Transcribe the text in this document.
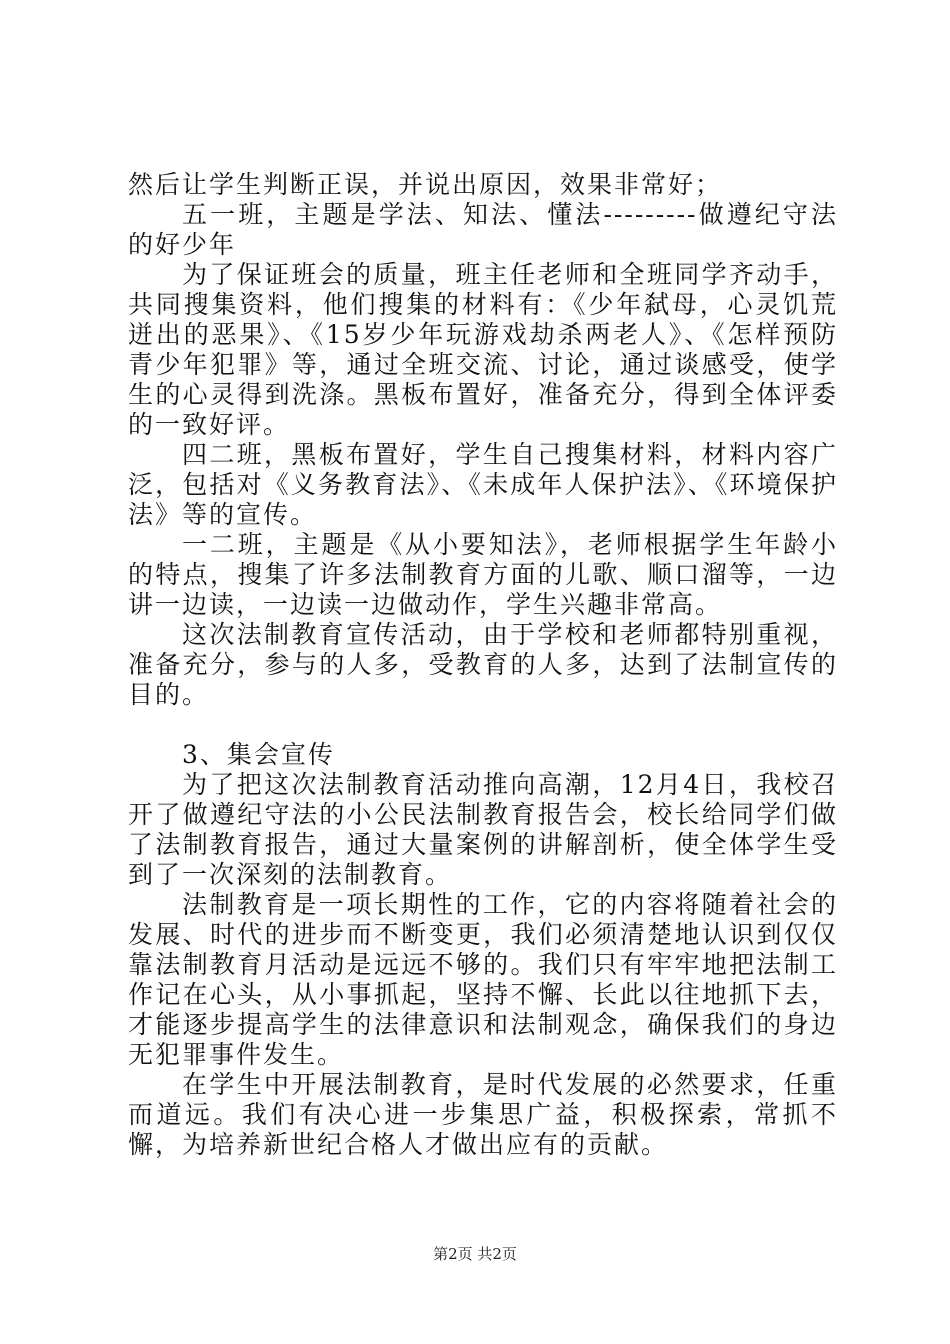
然后让学生判断正误，并说出原因，效果非常好；

五一班，主题是学法、知法、懂法---------做遵纪守法的好少年

为了保证班会的质量，班主任老师和全班同学齐动手，共同搜集资料，他们搜集的材料有：《少年弑母，心灵饥荒迸出的恶果》、《15岁少年玩游戏劫杀两老人》、《怎样预防青少年犯罪》等，通过全班交流、讨论，通过谈感受，使学生的心灵得到洗涤。黑板布置好，准备充分，得到全体评委的一致好评。

四二班，黑板布置好，学生自己搜集材料，材料内容广泛，包括对《义务教育法》、《未成年人保护法》、《环境保护法》等的宣传。

一二班，主题是《从小要知法》，老师根据学生年龄小的特点，搜集了许多法制教育方面的儿歌、顺口溜等，一边讲一边读，一边读一边做动作，学生兴趣非常高。

这次法制教育宣传活动，由于学校和老师都特别重视，准备充分，参与的人多，受教育的人多，达到了法制宣传的目的。

3、集会宣传

为了把这次法制教育活动推向高潮，12月4日，我校召开了做遵纪守法的小公民法制教育报告会，校长给同学们做了法制教育报告，通过大量案例的讲解剖析，使全体学生受到了一次深刻的法制教育。

法制教育是一项长期性的工作，它的内容将随着社会的发展、时代的进步而不断变更，我们必须清楚地认识到仅仅靠法制教育月活动是远远不够的。我们只有牢牢地把法制工作记在心头，从小事抓起，坚持不懈、长此以往地抓下去，才能逐步提高学生的法律意识和法制观念，确保我们的身边无犯罪事件发生。

在学生中开展法制教育，是时代发展的必然要求，任重而道远。我们有决心进一步集思广益，积极探索，常抓不懈，为培养新世纪合格人才做出应有的贡献。

第2页 共2页
